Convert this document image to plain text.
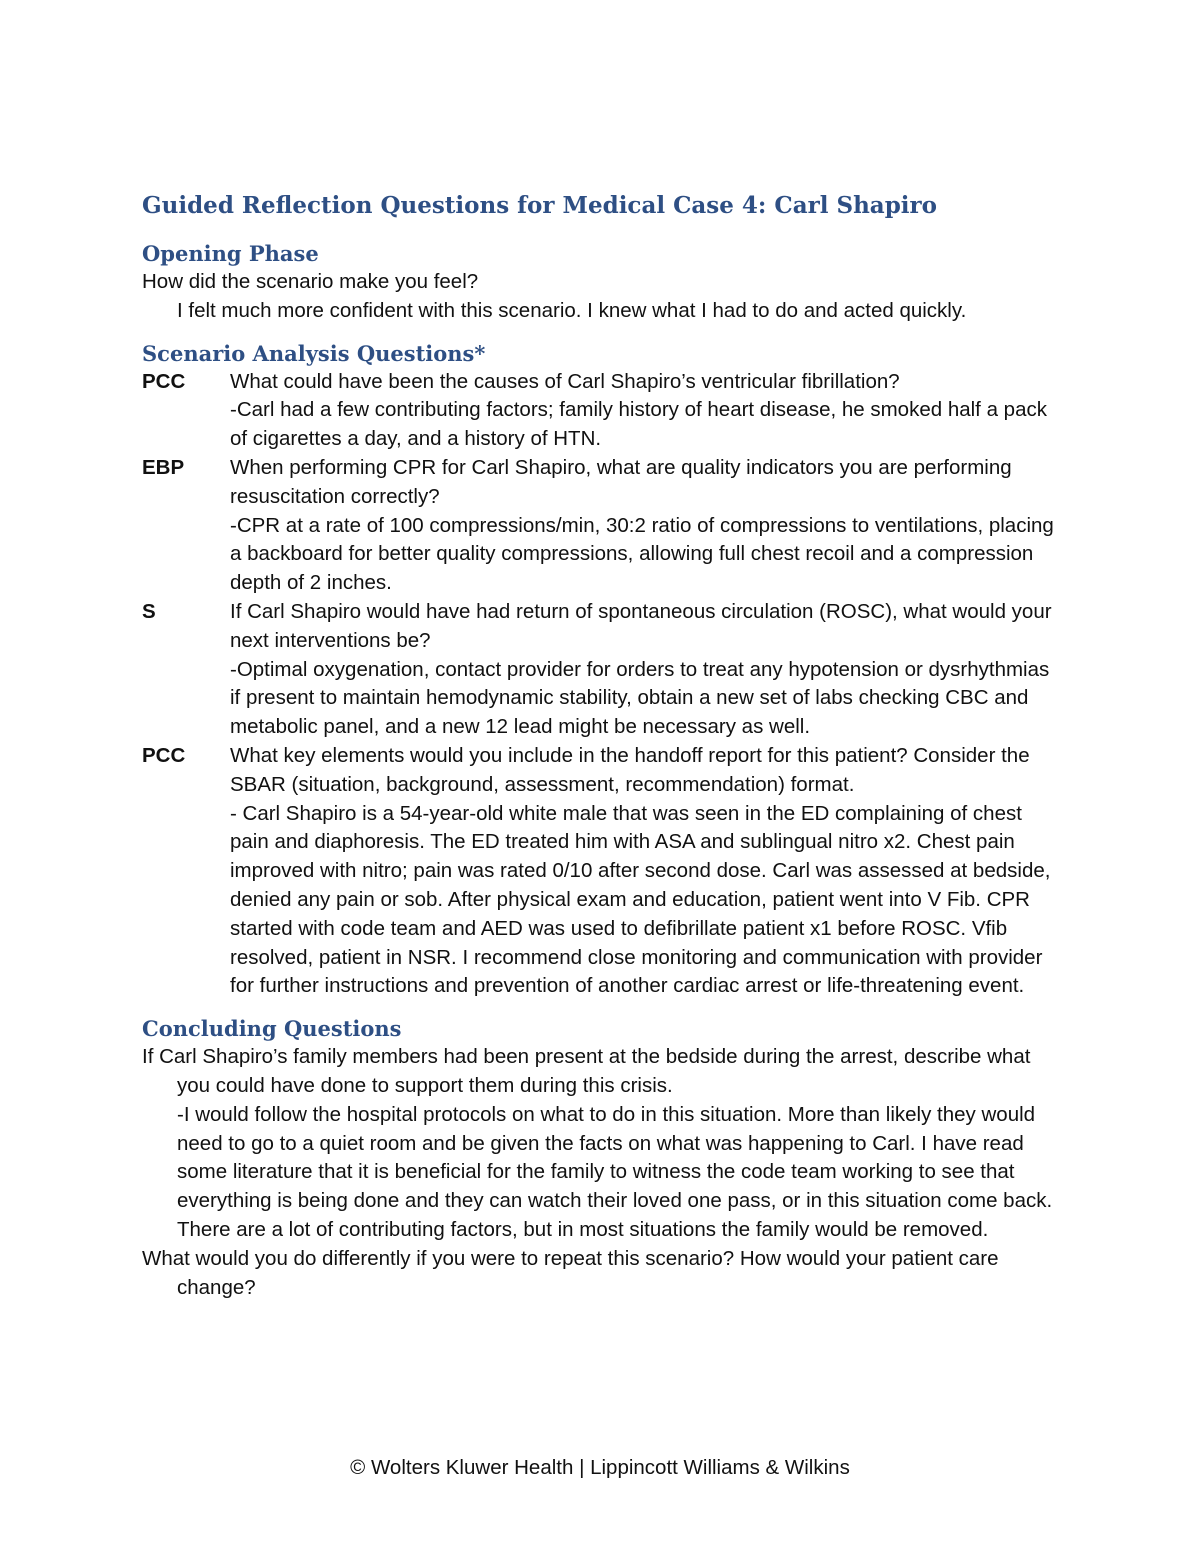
Guided Reflection Questions for Medical Case 4: Carl Shapiro
Opening Phase

How did the scenario make you feel?

I felt much more confident with this scenario. I knew what I had to do and acted quickly.

Scenario Analysis Questions*
PCC	What could have been the causes of Carl Shapiro’s ventricular fibrillation?

-Carl had a few contributing factors; family history of heart disease, he smoked half a pack of cigarettes a day, and a history of HTN.

EBP	When performing CPR for Carl Shapiro, what are quality indicators you are performing resuscitation correctly?

-CPR at a rate of 100 compressions/min, 30:2 ratio of compressions to ventilations, placing a backboard for better quality compressions, allowing full chest recoil and a compression depth of 2 inches.

S	If Carl Shapiro would have had return of spontaneous circulation (ROSC), what would your next interventions be?

-Optimal oxygenation, contact provider for orders to treat any hypotension or dysrhythmias if present to maintain hemodynamic stability, obtain a new set of labs checking CBC and metabolic panel, and a new 12 lead might be necessary as well.

PCC	What key elements would you include in the handoff report for this patient? Consider the SBAR (situation, background, assessment, recommendation) format.

- Carl Shapiro is a 54-year-old white male that was seen in the ED complaining of chest pain and diaphoresis. The ED treated him with ASA and sublingual nitro x2. Chest pain improved with nitro; pain was rated 0/10 after second dose. Carl was assessed at bedside, denied any pain or sob. After physical exam and education, patient went into V Fib. CPR started with code team and AED was used to defibrillate patient x1 before ROSC. Vfib resolved, patient in NSR. I recommend close monitoring and communication with provider for further instructions and prevention of another cardiac arrest or life-threatening event.

Concluding Questions

If Carl Shapiro’s family members had been present at the bedside during the arrest, describe what you could have done to support them during this crisis.

-I would follow the hospital protocols on what to do in this situation. More than likely they would need to go to a quiet room and be given the facts on what was happening to Carl. I have read some literature that it is beneficial for the family to witness the code team working to see that everything is being done and they can watch their loved one pass, or in this situation come back. There are a lot of contributing factors, but in most situations the family would be removed.

What would you do differently if you were to repeat this scenario? How would your patient care change?

© Wolters Kluwer Health | Lippincott Williams & Wilkins
